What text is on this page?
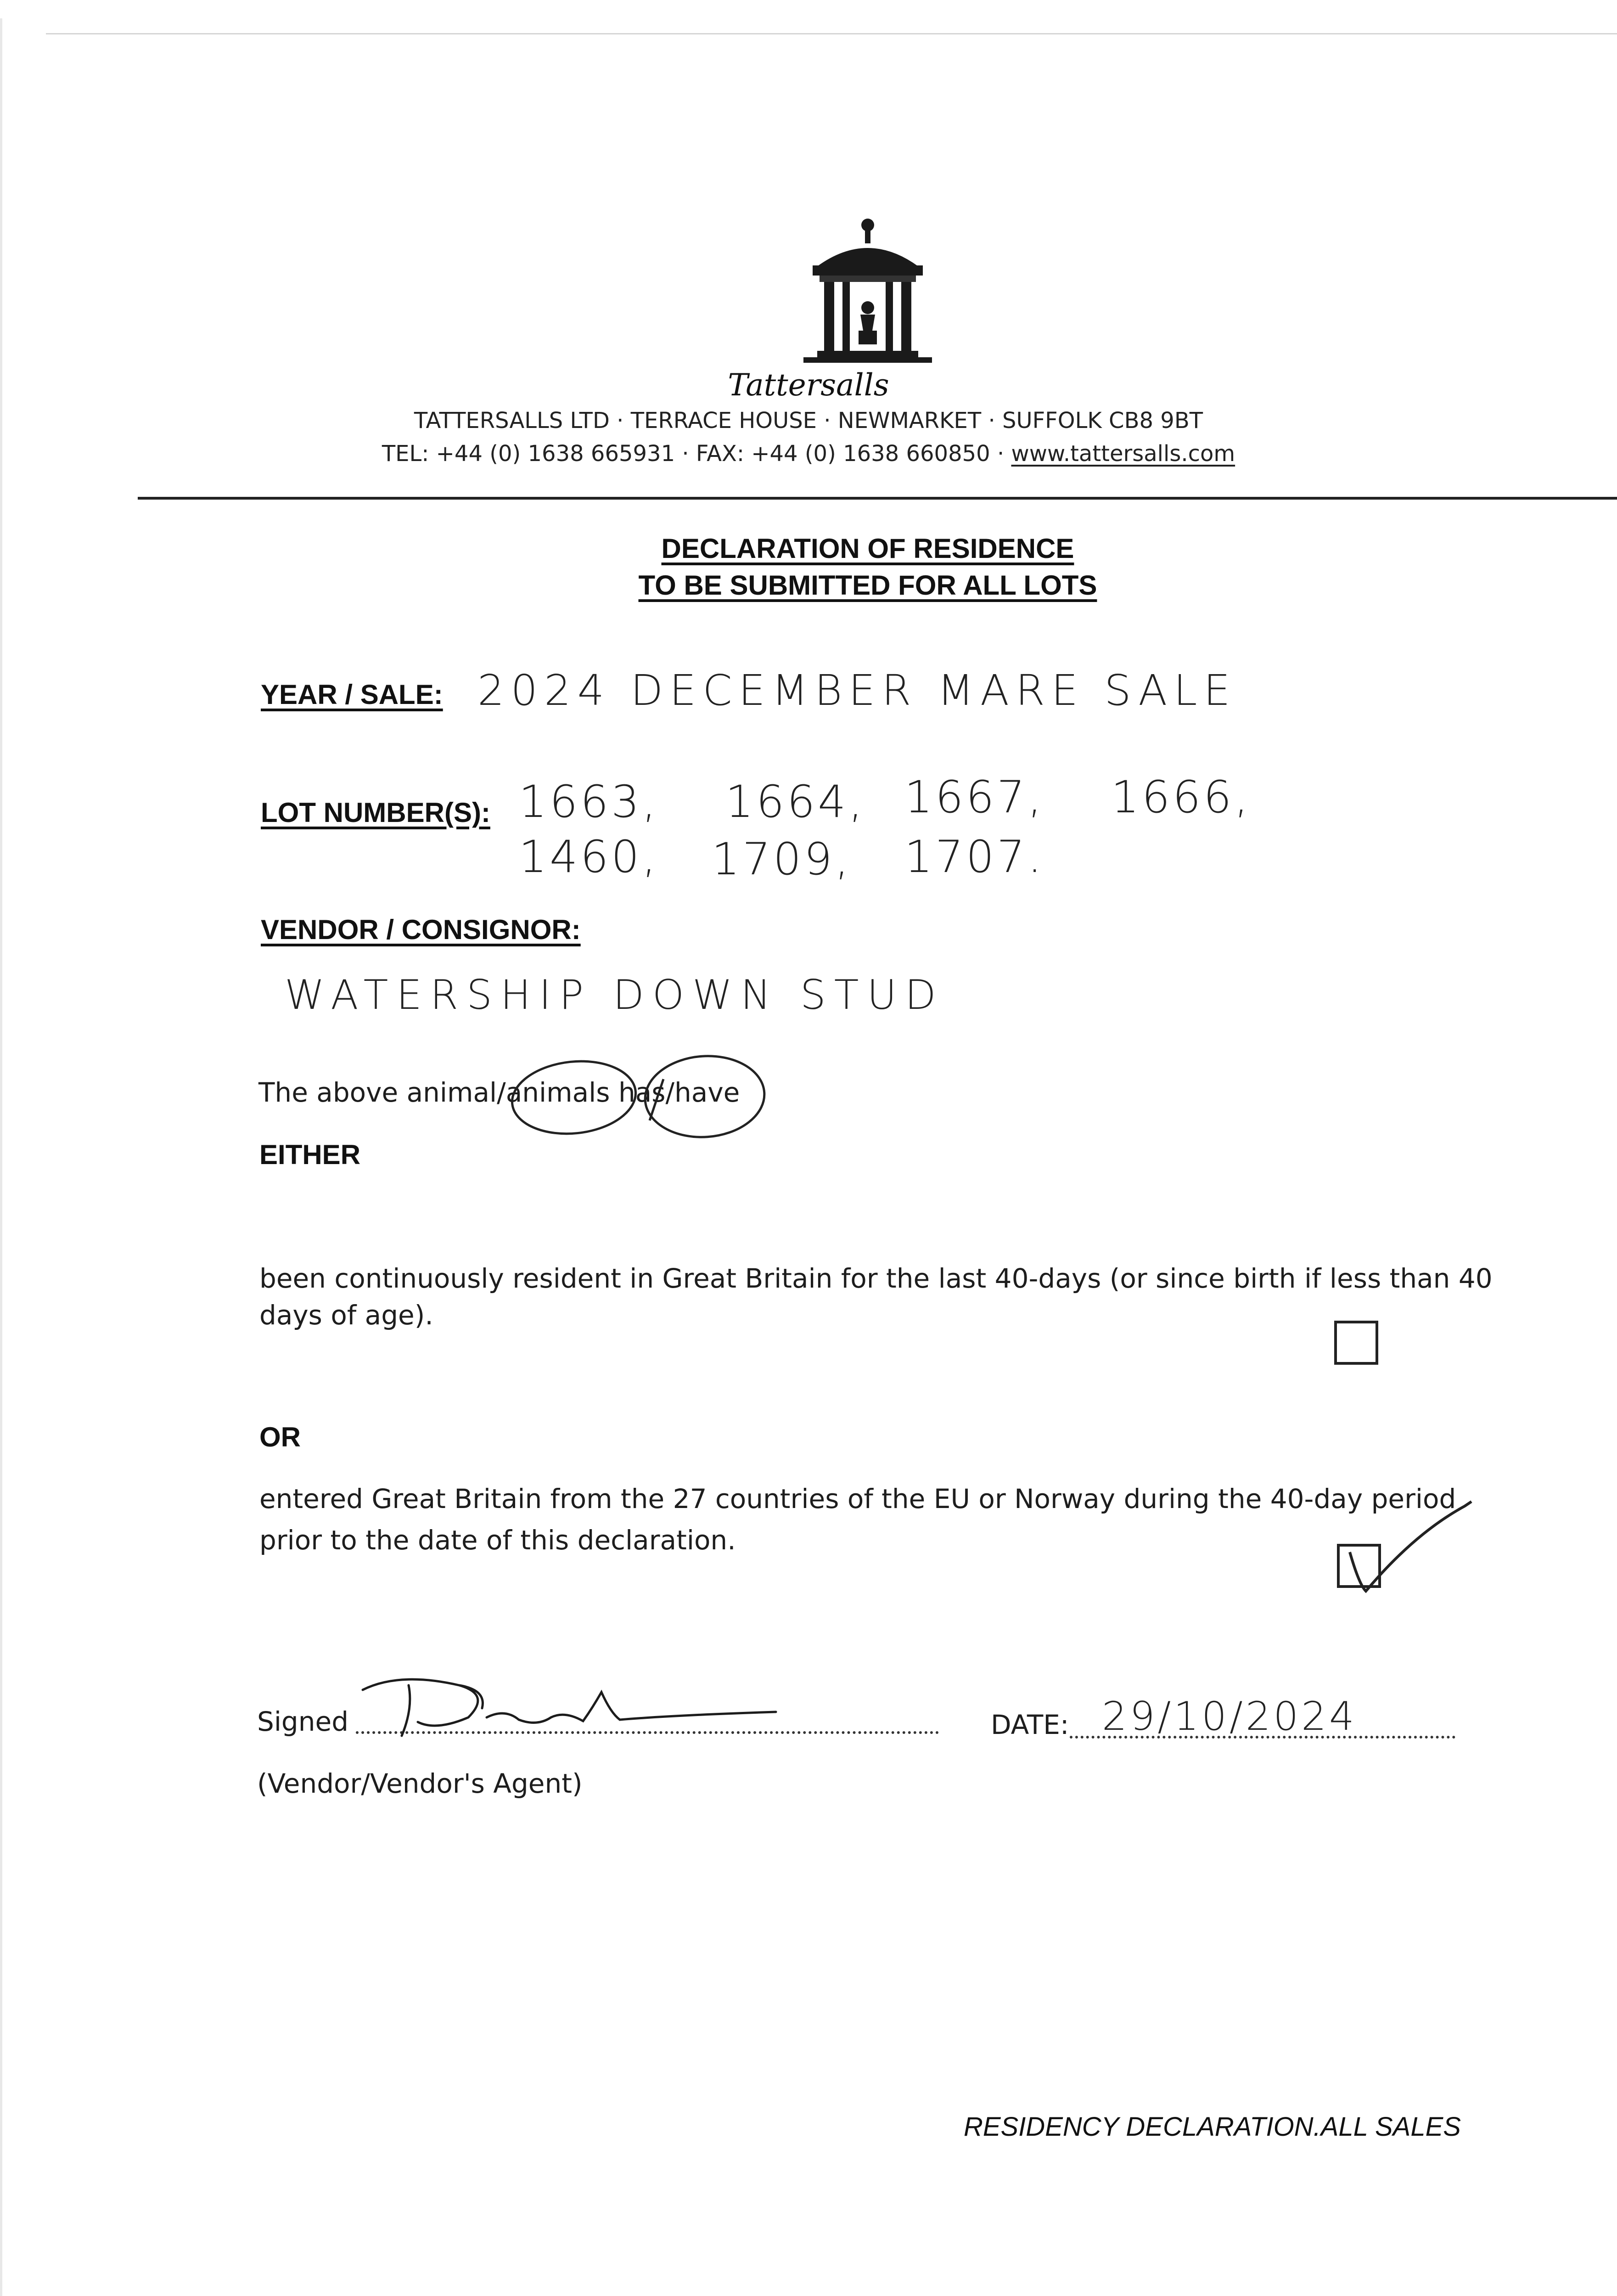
Tattersalls
TATTERSALLS LTD · TERRACE HOUSE · NEWMARKET · SUFFOLK CB8 9BT
TEL: +44 (0) 1638 665931 · FAX: +44 (0) 1638 660850 · www.tattersalls.com
DECLARATION OF RESIDENCE
TO BE SUBMITTED FOR ALL LOTS
YEAR / SALE: 2024 DECEMBER MARE SALE
LOT NUMBER(S): 1663, 1664, 1667, 1666,
1460, 1709, 1707.
VENDOR / CONSIGNOR:
WATERSHIP DOWN STUD
The above animal/animals has/have
EITHER
been continuously resident in Great Britain for the last 40-days (or since birth if less than 40
days of age).
OR
entered Great Britain from the 27 countries of the EU or Norway during the 40-day period
prior to the date of this declaration.
Signed	DATE: 29/10/2024
(Vendor/Vendor's Agent)
RESIDENCY DECLARATION.ALL SALES
